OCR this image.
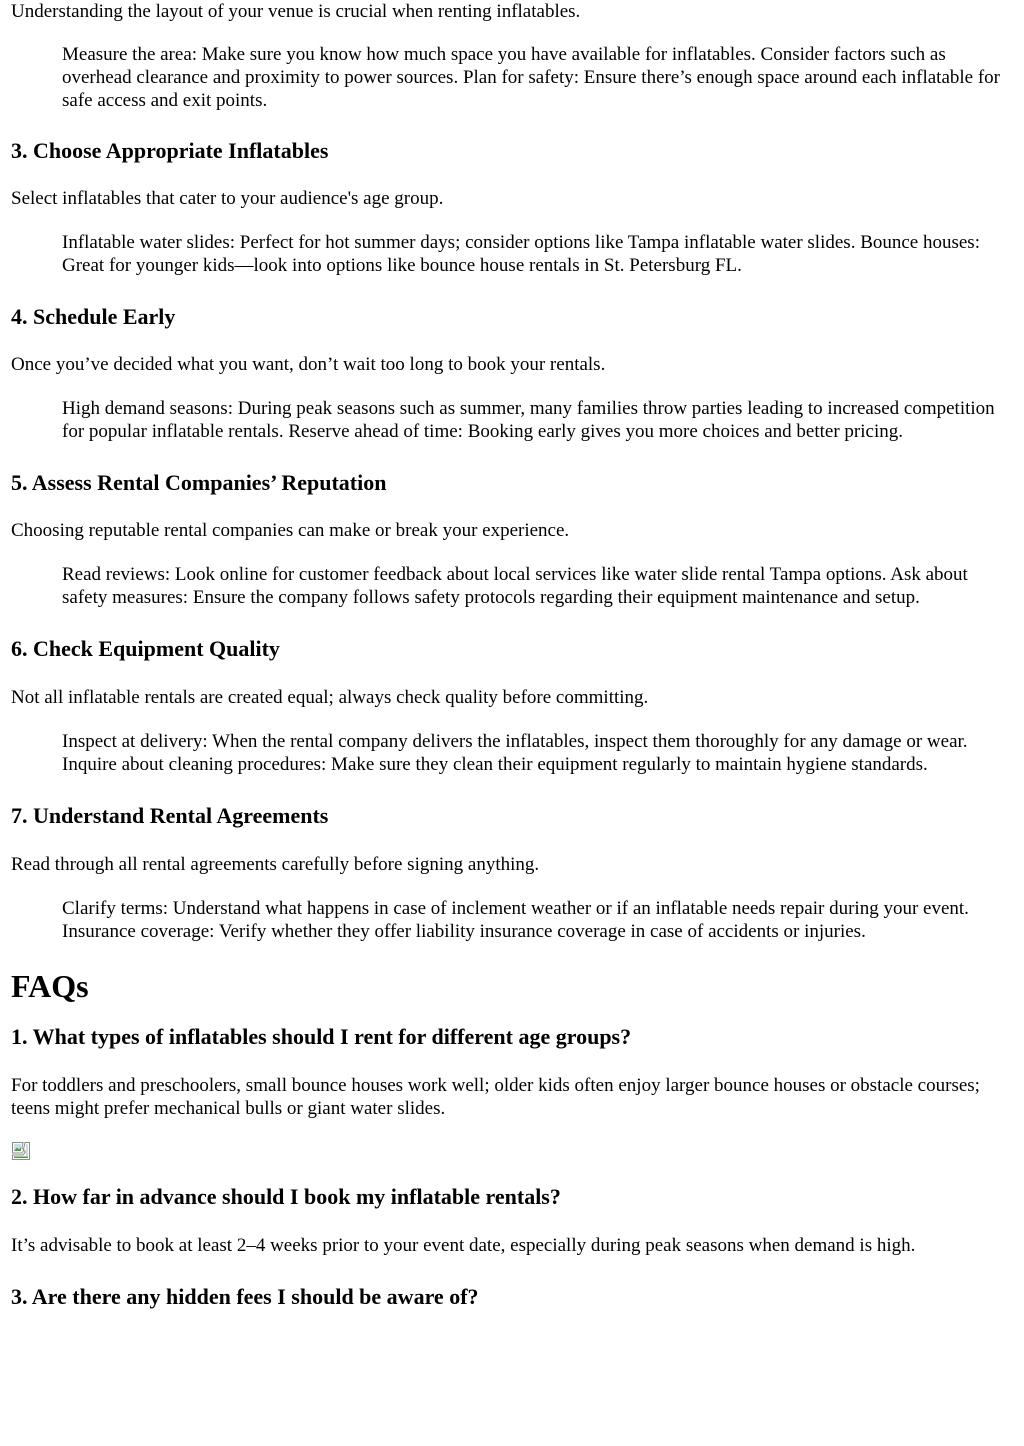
Understanding the layout of your venue is crucial when renting inflatables.

Measure the area: Make sure you know how much space you have available for inflatables. Consider factors such as overhead clearance and proximity to power sources. Plan for safety: Ensure there’s enough space around each inflatable for safe access and exit points.
3. Choose Appropriate Inflatables

Select inflatables that cater to your audience's age group.

Inflatable water slides: Perfect for hot summer days; consider options like Tampa inflatable water slides. Bounce houses: Great for younger kids—look into options like bounce house rentals in St. Petersburg FL.
4. Schedule Early

Once you’ve decided what you want, don’t wait too long to book your rentals.

High demand seasons: During peak seasons such as summer, many families throw parties leading to increased competition for popular inflatable rentals. Reserve ahead of time: Booking early gives you more choices and better pricing.
5. Assess Rental Companies’ Reputation

Choosing reputable rental companies can make or break your experience.

Read reviews: Look online for customer feedback about local services like water slide rental Tampa options. Ask about safety measures: Ensure the company follows safety protocols regarding their equipment maintenance and setup.
6. Check Equipment Quality

Not all inflatable rentals are created equal; always check quality before committing.

Inspect at delivery: When the rental company delivers the inflatables, inspect them thoroughly for any damage or wear. Inquire about cleaning procedures: Make sure they clean their equipment regularly to maintain hygiene standards.
7. Understand Rental Agreements

Read through all rental agreements carefully before signing anything.

Clarify terms: Understand what happens in case of inclement weather or if an inflatable needs repair during your event. Insurance coverage: Verify whether they offer liability insurance coverage in case of accidents or injuries.
FAQs
1. What types of inflatables should I rent for different age groups?

For toddlers and preschoolers, small bounce houses work well; older kids often enjoy larger bounce houses or obstacle courses; teens might prefer mechanical bulls or giant water slides.

2. How far in advance should I book my inflatable rentals?

It’s advisable to book at least 2–4 weeks prior to your event date, especially during peak seasons when demand is high.

3. Are there any hidden fees I should be aware of?
